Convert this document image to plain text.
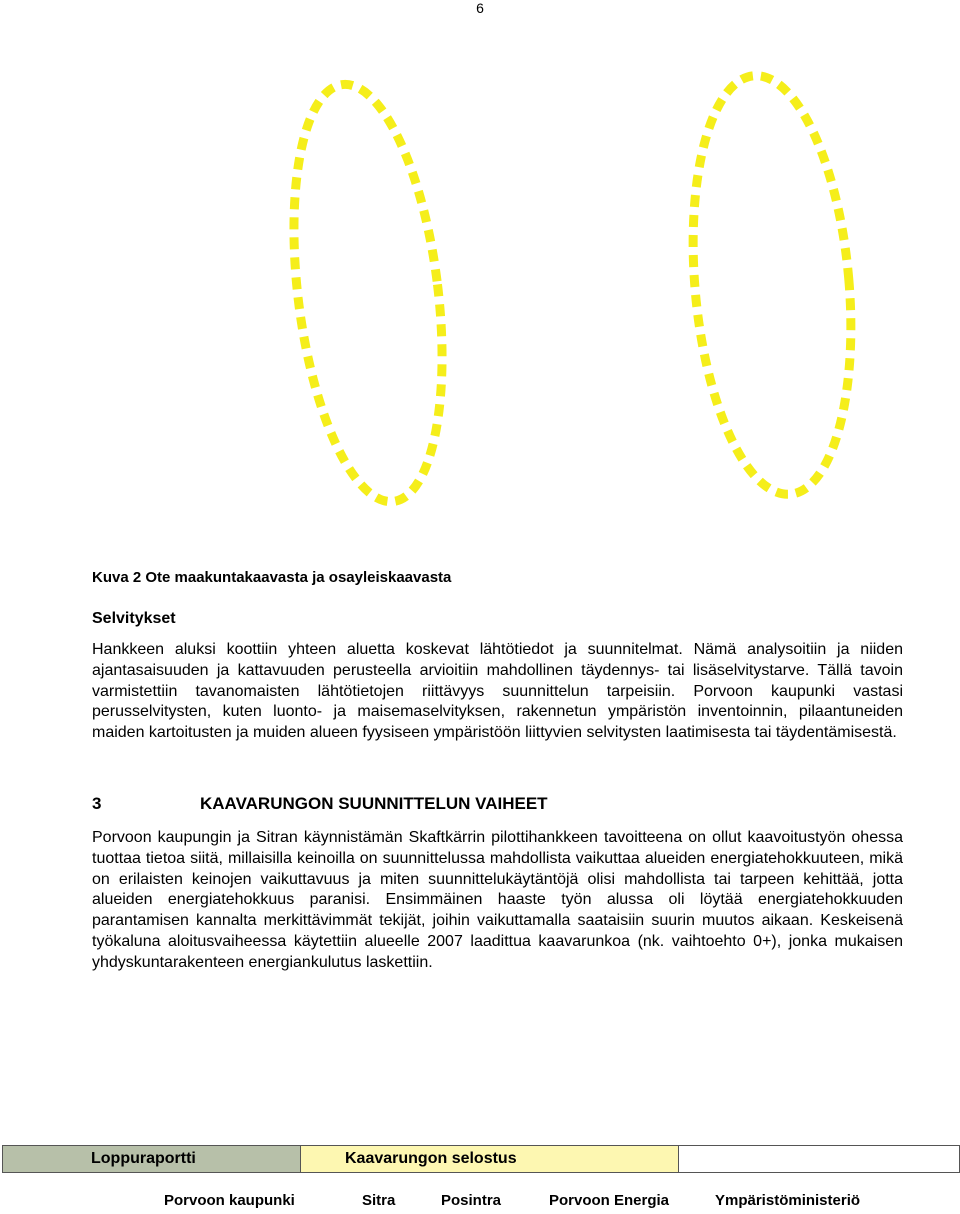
6
Kuva 2 Ote maakuntakaavasta ja osayleiskaavasta
Selvitykset

Hankkeen aluksi koottiin yhteen aluetta koskevat lähtötiedot ja suunnitelmat. Nämä analysoitiin ja niiden ajantasaisuuden ja kattavuuden perusteella arvioitiin mahdollinen täydennys- tai lisäselvitystarve. Tällä tavoin varmistettiin tavanomaisten lähtötietojen riittävyys suunnittelun tarpeisiin. Porvoon kaupunki vastasi perusselvitysten, kuten luonto- ja maisemaselvityksen, rakennetun ympäristön inventoinnin, pilaantuneiden maiden kartoitusten ja muiden alueen fyysiseen ympäristöön liittyvien selvitysten laatimisesta tai täydentämisestä.

3	KAAVARUNGON SUUNNITTELUN VAIHEET

Porvoon kaupungin ja Sitran käynnistämän Skaftkärrin pilottihankkeen tavoitteena on ollut kaavoitustyön ohessa tuottaa tietoa siitä, millaisilla keinoilla on suunnittelussa mahdollista vaikuttaa alueiden energiatehokkuuteen, mikä on erilaisten keinojen vaikuttavuus ja miten suunnittelukäytäntöjä olisi mahdollista tai tarpeen kehittää, jotta alueiden energiatehokkuus paranisi. Ensimmäinen haaste työn alussa oli löytää energiatehokkuuden parantamisen kannalta merkittävimmät tekijät, joihin vaikuttamalla saataisiin suurin muutos aikaan. Keskeisenä työkaluna aloitusvaiheessa käytettiin alueelle 2007 laadittua kaavarunkoa (nk. vaihtoehto 0+), jonka mukaisen yhdyskuntarakenteen energiankulutus laskettiin.

Loppuraportti	Kaavarungon selostus
Porvoon kaupunki	Sitra	Posintra	Porvoon Energia	Ympäristöministeriö
